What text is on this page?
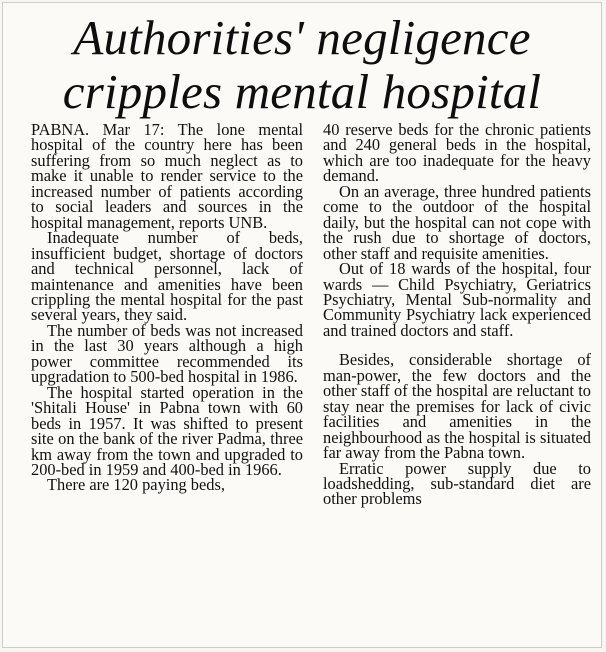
Authorities' negligence
cripples mental hospital

PABNA. Mar 17: The lone mental hospital of the country here has been suffering from so much neglect as to make it unable to render service to the increased number of patients according to social leaders and sources in the hospital management, reports UNB.

Inadequate number of beds, insufficient budget, shortage of doctors and technical personnel, lack of maintenance and amenities have been crippling the mental hospital for the past several years, they said.

The number of beds was not increased in the last 30 years although a high power committee recommended its upgradation to 500-bed hospital in 1986.

The hospital started operation in the 'Shitali House' in Pabna town with 60 beds in 1957. It was shifted to present site on the bank of the river Padma, three km away from the town and upgraded to 200-bed in 1959 and 400-bed in 1966.

There are 120 paying beds,

40 reserve beds for the chronic patients and 240 general beds in the hospital, which are too inadequate for the heavy demand.

On an average, three hundred patients come to the outdoor of the hospital daily, but the hospital can not cope with the rush due to shortage of doctors, other staff and requisite amenities.

Out of 18 wards of the hospital, four wards — Child Psychiatry, Geriatrics Psychiatry, Mental Sub-normality and Community Psychiatry lack experienced and trained doctors and staff.

Besides, considerable shortage of man-power, the few doctors and the other staff of the hospital are reluctant to stay near the premises for lack of civic facilities and amenities in the neighbourhood as the hospital is situated far away from the Pabna town.

Erratic power supply due to loadshedding, sub-standard diet are other problems
